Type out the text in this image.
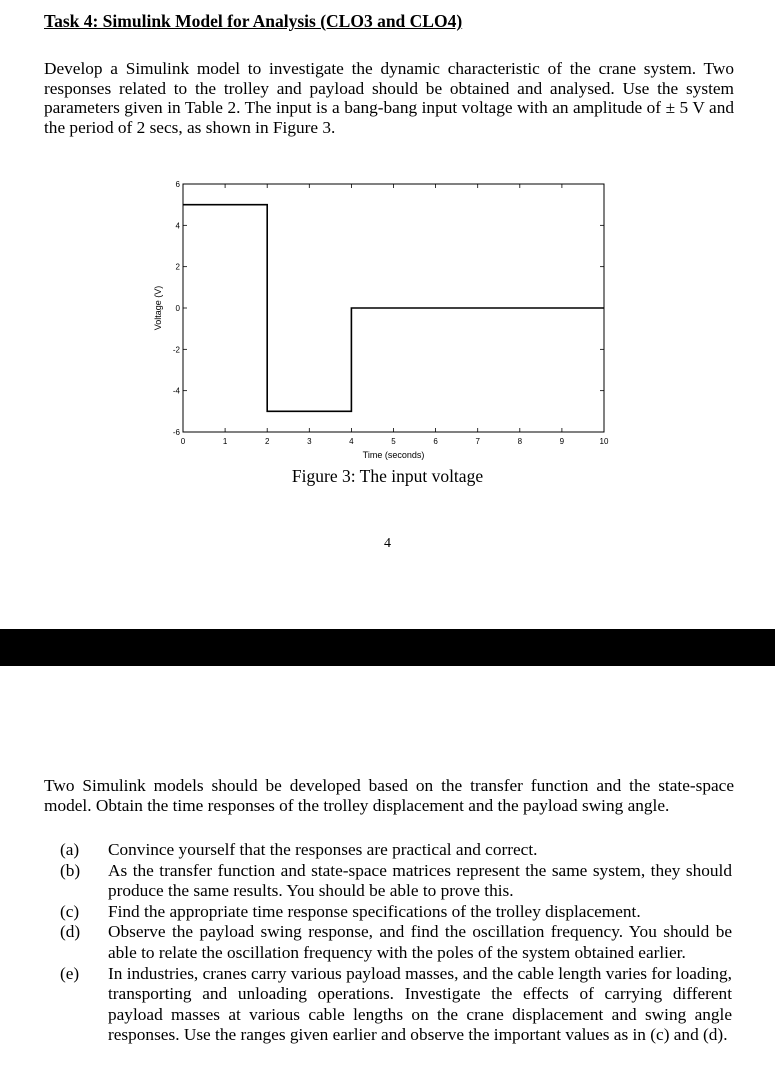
Task 4: Simulink Model for Analysis (CLO3 and CLO4)

Develop a Simulink model to investigate the dynamic characteristic of the crane system. Two responses related to the trolley and payload should be obtained and analysed. Use the system parameters given in Table 2. The input is a bang-bang input voltage with an amplitude of ± 5 V and the period of 2 secs, as shown in Figure 3.

0	1	2	3	4	5	6	7	8	9	10
6
4
2
0
-2
-4
-6
Time (seconds)
Voltage (V)

Figure 3: The input voltage

4

Two Simulink models should be developed based on the transfer function and the state-space model. Obtain the time responses of the trolley displacement and the payload swing angle.

(a) Convince yourself that the responses are practical and correct.
(b) As the transfer function and state-space matrices represent the same system, they should produce the same results. You should be able to prove this.
(c) Find the appropriate time response specifications of the trolley displacement.
(d) Observe the payload swing response, and find the oscillation frequency. You should be able to relate the oscillation frequency with the poles of the system obtained earlier.
(e) In industries, cranes carry various payload masses, and the cable length varies for loading, transporting and unloading operations. Investigate the effects of carrying different payload masses at various cable lengths on the crane displacement and swing angle responses. Use the ranges given earlier and observe the important values as in (c) and (d).
